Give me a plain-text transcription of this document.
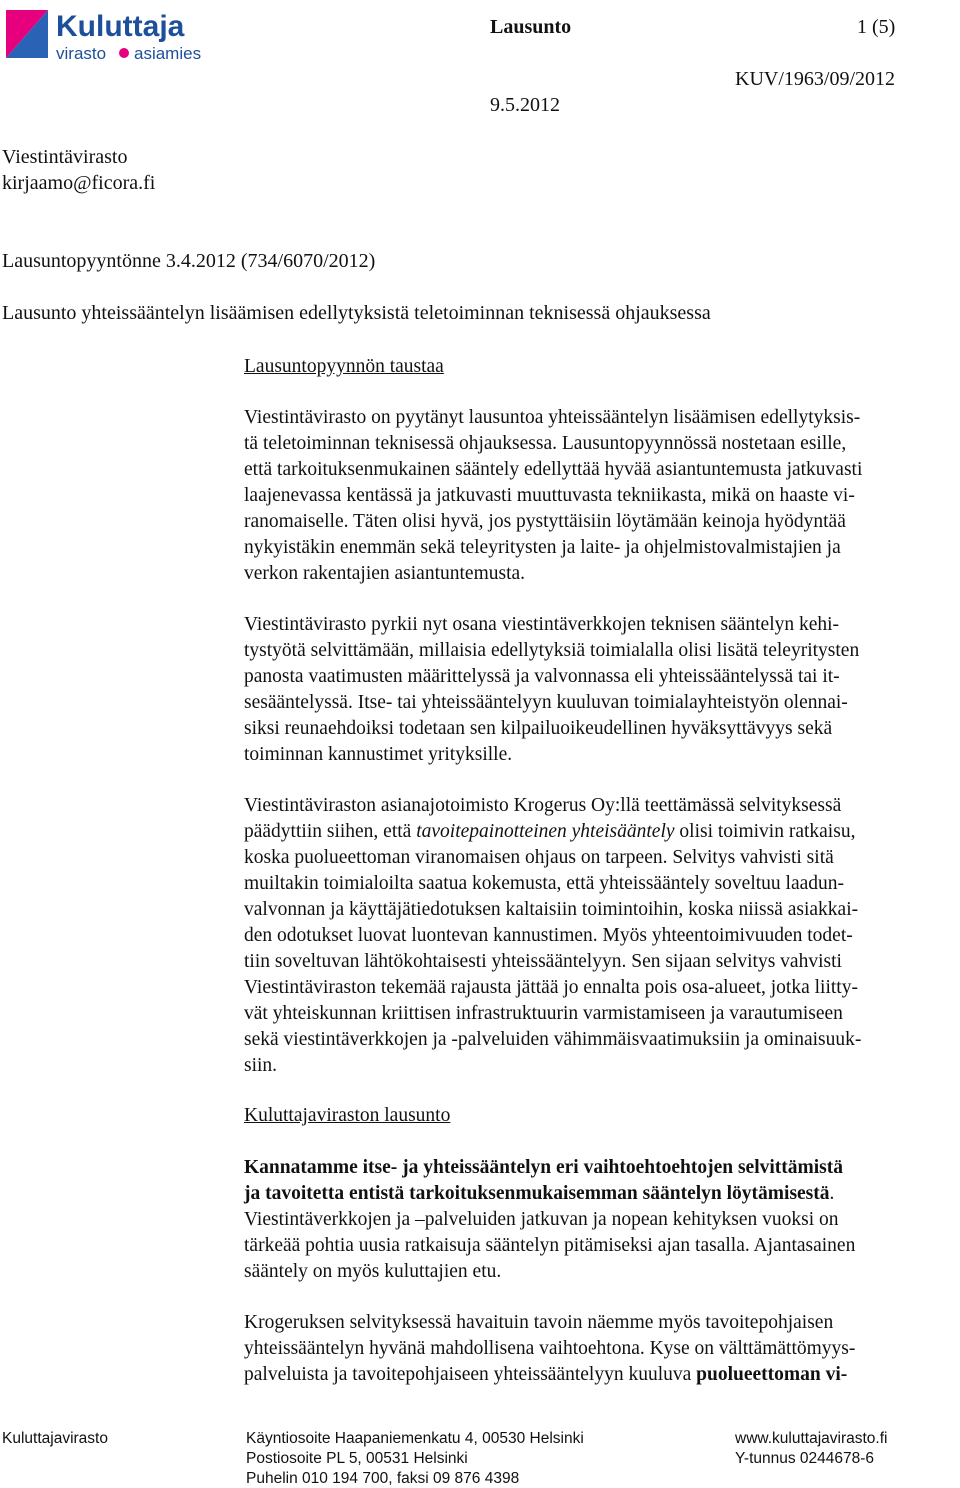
Kuluttaja
virasto asiamies
Lausunto	1 (5)
KUV/1963/09/2012
9.5.2012
Viestintävirasto
kirjaamo@ficora.fi
Lausuntopyyntönne 3.4.2012 (734/6070/2012)
Lausunto yhteissääntelyn lisäämisen edellytyksistä teletoiminnan teknisessä ohjauksessa
Lausuntopyynnön taustaa
Viestintävirasto on pyytänyt lausuntoa yhteissääntelyn lisäämisen edellytyksis-
tä teletoiminnan teknisessä ohjauksessa. Lausuntopyynnössä nostetaan esille,
että tarkoituksenmukainen sääntely edellyttää hyvää asiantuntemusta jatkuvasti
laajenevassa kentässä ja jatkuvasti muuttuvasta tekniikasta, mikä on haaste vi-
ranomaiselle. Täten olisi hyvä, jos pystyttäisiin löytämään keinoja hyödyntää
nykyistäkin enemmän sekä teleyritysten ja laite- ja ohjelmistovalmistajien ja
verkon rakentajien asiantuntemusta.
Viestintävirasto pyrkii nyt osana viestintäverkkojen teknisen sääntelyn kehi-
tystyötä selvittämään, millaisia edellytyksiä toimialalla olisi lisätä teleyritysten
panosta vaatimusten määrittelyssä ja valvonnassa eli yhteissääntelyssä tai it-
sesääntelyssä. Itse- tai yhteissääntelyyn kuuluvan toimialayhteistyön olennai-
siksi reunaehdoiksi todetaan sen kilpailuoikeudellinen hyväksyttävyys sekä
toiminnan kannustimet yrityksille.
Viestintäviraston asianajotoimisto Krogerus Oy:llä teettämässä selvityksessä
päädyttiin siihen, että tavoitepainotteinen yhteisääntely olisi toimivin ratkaisu,
koska puolueettoman viranomaisen ohjaus on tarpeen. Selvitys vahvisti sitä
muiltakin toimialoilta saatua kokemusta, että yhteissääntely soveltuu laadun-
valvonnan ja käyttäjätiedotuksen kaltaisiin toimintoihin, koska niissä asiakkai-
den odotukset luovat luontevan kannustimen. Myös yhteentoimivuuden todet-
tiin soveltuvan lähtökohtaisesti yhteissääntelyyn. Sen sijaan selvitys vahvisti
Viestintäviraston tekemää rajausta jättää jo ennalta pois osa-alueet, jotka liitty-
vät yhteiskunnan kriittisen infrastruktuurin varmistamiseen ja varautumiseen
sekä viestintäverkkojen ja -palveluiden vähimmäisvaatimuksiin ja ominaisuuk-
siin.
Kuluttajaviraston lausunto
Kannatamme itse- ja yhteissääntelyn eri vaihtoehtoehtojen selvittämistä
ja tavoitetta entistä tarkoituksenmukaisemman sääntelyn löytämisestä.
Viestintäverkkojen ja –palveluiden jatkuvan ja nopean kehityksen vuoksi on
tärkeää pohtia uusia ratkaisuja sääntelyn pitämiseksi ajan tasalla. Ajantasainen
sääntely on myös kuluttajien etu.
Krogeruksen selvityksessä havaituin tavoin näemme myös tavoitepohjaisen
yhteissääntelyn hyvänä mahdollisena vaihtoehtona. Kyse on välttämättömyys-
palveluista ja tavoitepohjaiseen yhteissääntelyyn kuuluva puolueettoman vi-
Kuluttajavirasto	Käyntiosoite Haapaniemenkatu 4, 00530 Helsinki
Postiosoite PL 5, 00531 Helsinki
Puhelin 010 194 700, faksi 09 876 4398
www.kuluttajavirasto.fi
Y-tunnus 0244678-6
